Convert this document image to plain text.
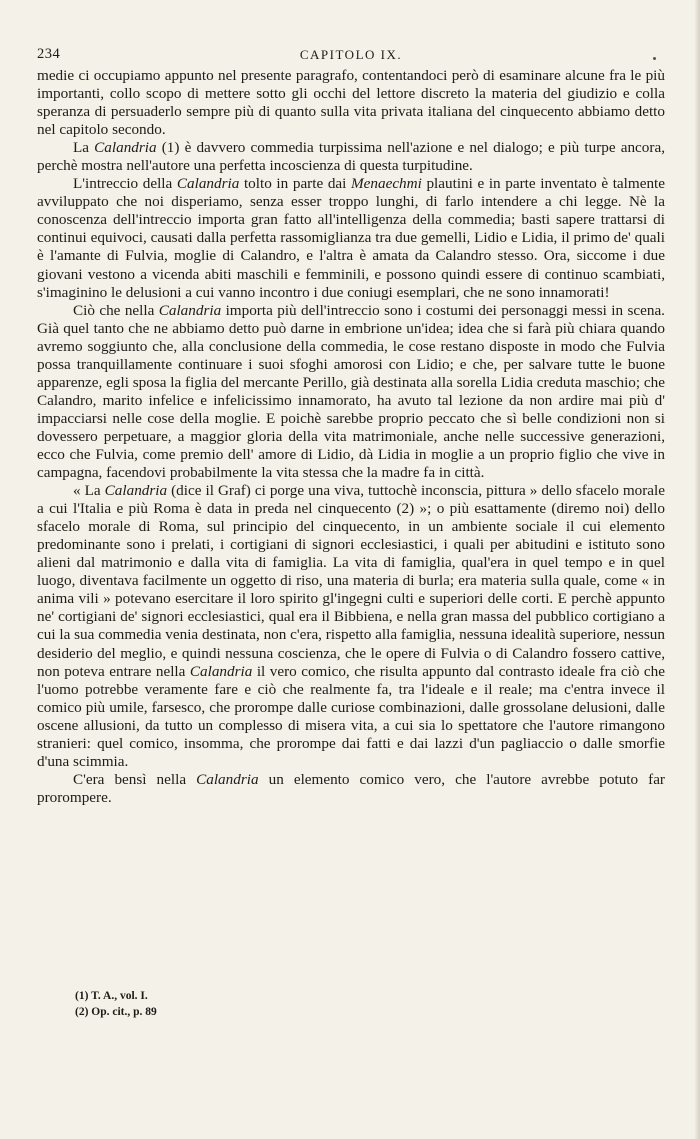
234	CAPITOLO IX.

medie ci occupiamo appunto nel presente paragrafo, contentandoci però di esaminare alcune fra le più importanti, collo scopo di mettere sotto gli occhi del lettore discreto la materia del giudizio e colla speranza di persuaderlo sempre più di quanto sulla vita privata italiana del cinquecento abbiamo detto nel capitolo secondo.

La Calandria (1) è davvero commedia turpissima nell'azione e nel dialogo; e più turpe ancora, perchè mostra nell'autore una perfetta incoscienza di questa turpitudine.

L'intreccio della Calandria tolto in parte dai Menaechmi plautini e in parte inventato è talmente avviluppato che noi disperiamo, senza esser troppo lunghi, di farlo intendere a chi legge. Nè la conoscenza dell'intreccio importa gran fatto all'intelligenza della commedia; basti sapere trattarsi di continui equivoci, causati dalla perfetta rassomiglianza tra due gemelli, Lidio e Lidia, il primo de' quali è l'amante di Fulvia, moglie di Calandro, e l'altra è amata da Calandro stesso. Ora, siccome i due giovani vestono a vicenda abiti maschili e femminili, e possono quindi essere di continuo scambiati, s'imaginino le delusioni a cui vanno incontro i due coniugi esemplari, che ne sono innamorati!

Ciò che nella Calandria importa più dell'intreccio sono i costumi dei personaggi messi in scena. Già quel tanto che ne abbiamo detto può darne in embrione un'idea; idea che si farà più chiara quando avremo soggiunto che, alla conclusione della commedia, le cose restano disposte in modo che Fulvia possa tranquillamente continuare i suoi sfoghi amorosi con Lidio; e che, per salvare tutte le buone apparenze, egli sposa la figlia del mercante Perillo, già destinata alla sorella Lidia creduta maschio; che Calandro, marito infelice e infelicissimo innamorato, ha avuto tal lezione da non ardire mai più d' impacciarsi nelle cose della moglie. E poichè sarebbe proprio peccato che sì belle condizioni non si dovessero perpetuare, a maggior gloria della vita matrimoniale, anche nelle successive generazioni, ecco che Fulvia, come premio dell' amore di Lidio, dà Lidia in moglie a un proprio figlio che vive in campagna, facendovi probabilmente la vita stessa che la madre fa in città.

« La Calandria (dice il Graf) ci porge una viva, tuttochè inconscia, pittura » dello sfacelo morale a cui l'Italia e più Roma è data in preda nel cinquecento (2) »; o più esattamente (diremo noi) dello sfacelo morale di Roma, sul principio del cinquecento, in un ambiente sociale il cui elemento predominante sono i prelati, i cortigiani di signori ecclesiastici, i quali per abitudini e istituto sono alieni dal matrimonio e dalla vita di famiglia. La vita di famiglia, qual'era in quel tempo e in quel luogo, diventava facilmente un oggetto di riso, una materia di burla; era materia sulla quale, come « in anima vili » potevano esercitare il loro spirito gl'ingegni culti e superiori delle corti. E perchè appunto ne' cortigiani de' signori ecclesiastici, qual era il Bibbiena, e nella gran massa del pubblico cortigiano a cui la sua commedia venia destinata, non c'era, rispetto alla famiglia, nessuna idealità superiore, nessun desiderio del meglio, e quindi nessuna coscienza, che le opere di Fulvia o di Calandro fossero cattive, non poteva entrare nella Calandria il vero comico, che risulta appunto dal contrasto ideale fra ciò che l'uomo potrebbe veramente fare e ciò che realmente fa, tra l'ideale e il reale; ma c'entra invece il comico più umile, farsesco, che prorompe dalle curiose combinazioni, dalle grossolane delusioni, dalle oscene allusioni, da tutto un complesso di misera vita, a cui sia lo spettatore che l'autore rimangono stranieri: quel comico, insomma, che prorompe dai fatti e dai lazzi d'un pagliaccio o dalle smorfie d'una scimmia.

C'era bensì nella Calandria un elemento comico vero, che l'autore avrebbe potuto far prorompere.

(1) T. A., vol. I.
(2) Op. cit., p. 89
